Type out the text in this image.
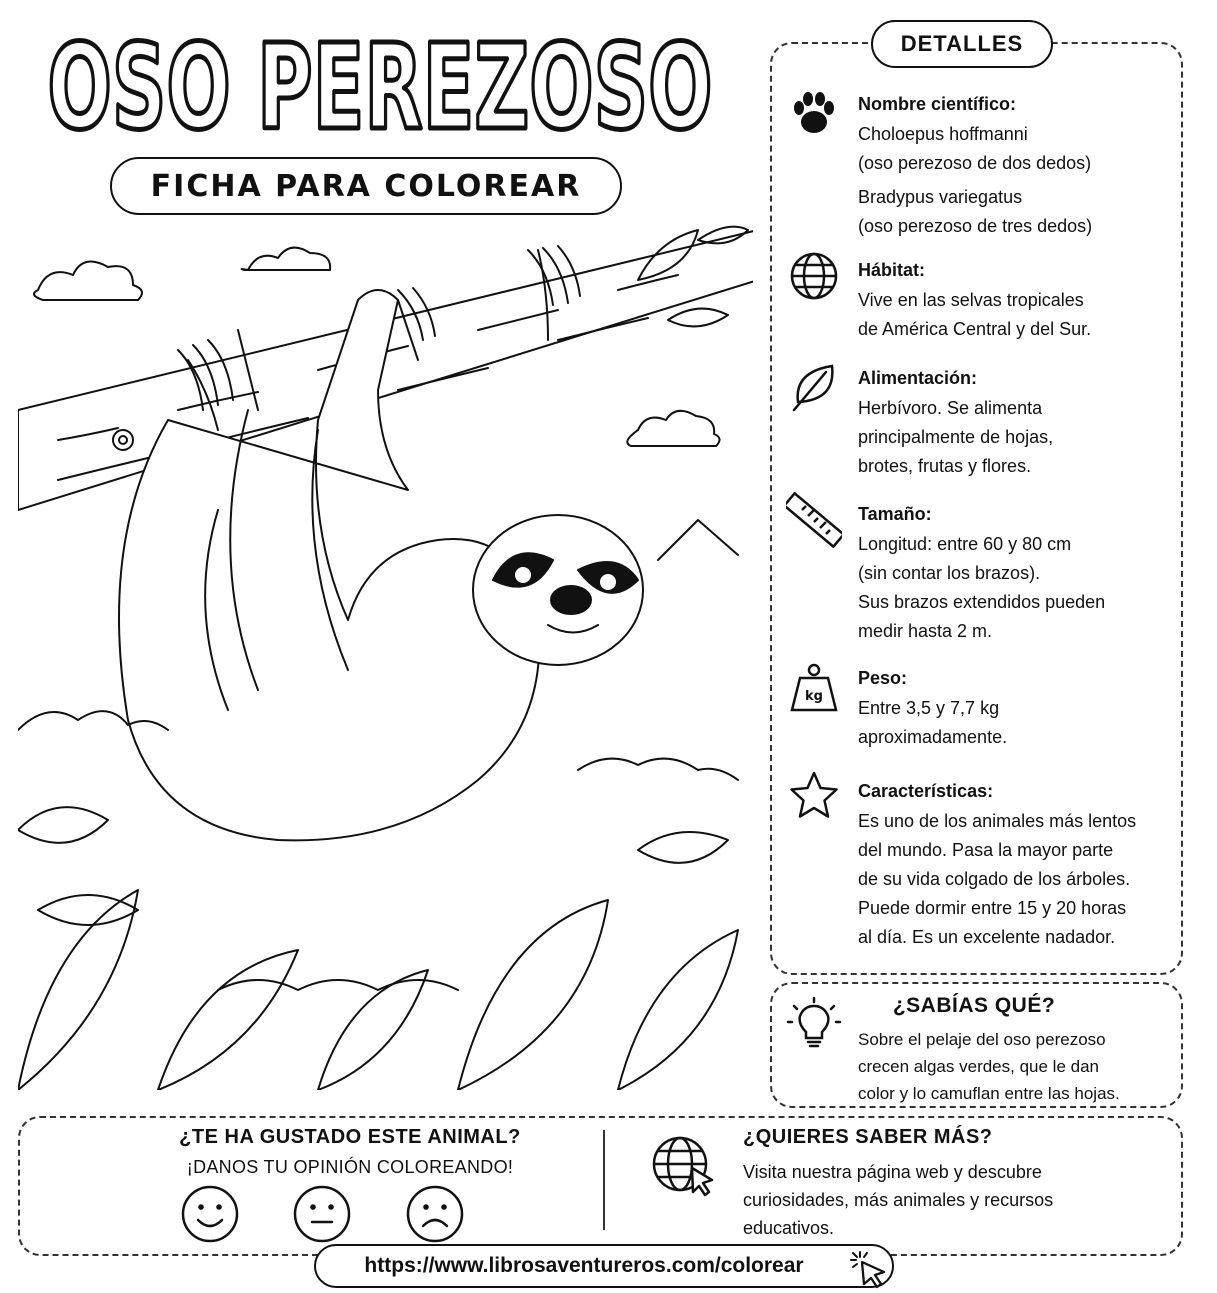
OSO PEREZOSO
FICHA PARA COLOREAR
DETALLES
Nombre científico:
Choloepus hoffmanni
(oso perezoso de dos dedos)
Bradypus variegatus
(oso perezoso de tres dedos)
Hábitat:
Vive en las selvas tropicales
de América Central y del Sur.
Alimentación:
Herbívoro. Se alimenta
principalmente de hojas,
brotes, frutas y flores.
Tamaño:
Longitud: entre 60 y 80 cm
(sin contar los brazos).
Sus brazos extendidos pueden
medir hasta 2 m.
kg
Peso:
Entre 3,5 y 7,7 kg
aproximadamente.
Características:
Es uno de los animales más lentos
del mundo. Pasa la mayor parte
de su vida colgado de los árboles.
Puede dormir entre 15 y 20 horas
al día. Es un excelente nadador.
¿SABÍAS QUÉ?
Sobre el pelaje del oso perezoso
crecen algas verdes, que le dan
color y lo camuflan entre las hojas.
¿TE HA GUSTADO ESTE ANIMAL?
¡DANOS TU OPINIÓN COLOREANDO!
¿QUIERES SABER MÁS?
Visita nuestra página web y descubre
curiosidades, más animales y recursos
educativos.
https://www.librosaventureros.com/colorear
